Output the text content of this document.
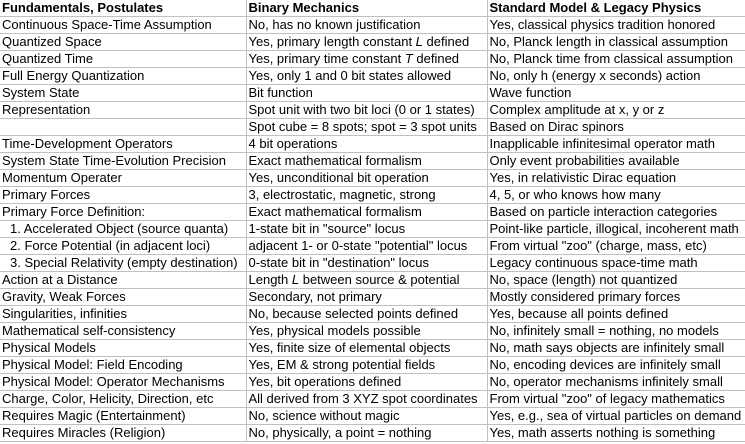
Fundamentals, Postulates	Binary Mechanics	Standard Model & Legacy Physics
Continuous Space-Time Assumption	No, has no known justification	Yes, classical physics tradition honored
Quantized Space	Yes, primary length constant L defined	No, Planck length in classical assumption
Quantized Time	Yes, primary time constant T defined	No, Planck time from classical assumption
Full Energy Quantization	Yes, only 1 and 0 bit states allowed	No, only h (energy x seconds) action
System State	Bit function	Wave function
Representation	Spot unit with two bit loci (0 or 1 states)	Complex amplitude at x, y or z
	Spot cube = 8 spots; spot = 3 spot units	Based on Dirac spinors
Time-Development Operators	4 bit operations	Inapplicable infinitesimal operator math
System State Time-Evolution Precision	Exact mathematical formalism	Only event probabilities available
Momentum Operater	Yes, unconditional bit operation	Yes, in relativistic Dirac equation
Primary Forces	3, electrostatic, magnetic, strong	4, 5, or who knows how many
Primary Force Definition:	Exact mathematical formalism	Based on particle interaction categories
1. Accelerated Object (source quanta)	1-state bit in "source" locus	Point-like particle, illogical, incoherent math
2. Force Potential (in adjacent loci)	adjacent 1- or 0-state "potential" locus	From virtual "zoo" (charge, mass, etc)
3. Special Relativity (empty destination)	0-state bit in "destination" locus	Legacy continuous space-time math
Action at a Distance	Length L between source & potential	No, space (length) not quantized
Gravity, Weak Forces	Secondary, not primary	Mostly considered primary forces
Singularities, infinities	No, because selected points defined	Yes, because all points defined
Mathematical self-consistency	Yes, physical models possible	No, infinitely small = nothing, no models
Physical Models	Yes, finite size of elemental objects	No, math says objects are infinitely small
Physical Model: Field Encoding	Yes, EM & strong potential fields	No, encoding devices are infinitely small
Physical Model: Operator Mechanisms	Yes, bit operations defined	No, operator mechanisms infinitely small
Charge, Color, Helicity, Direction, etc	All derived from 3 XYZ spot coordinates	From virtual "zoo" of legacy mathematics
Requires Magic (Entertainment)	No, science without magic	Yes, e.g., sea of virtual particles on demand
Requires Miracles (Religion)	No, physically, a point = nothing	Yes, math asserts nothing is something
